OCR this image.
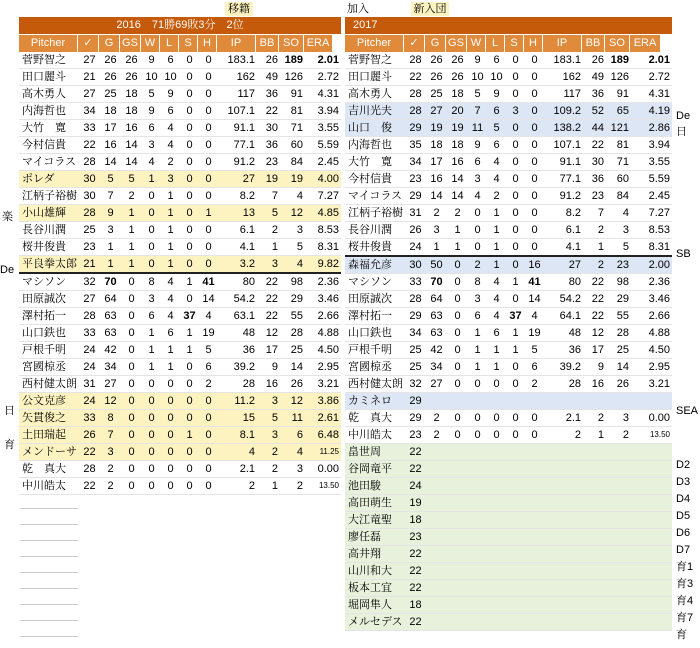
移籍	加入	新入団
2016　71勝69敗3分　2位
Pitcher	✓	G GS W L	S	H	IP	BB SO ERA
菅野智之	27	26	26	9	6	0	0	183.1	26	189	2.01
田口麗斗	21	26	26	10	10	0	0	162	49	126	2.72
高木勇人	27	25	18	5	9	0	0	117	36	91	4.31
内海哲也	34	18	18	9	6	0	0	107.1	22	81	3.94
大竹　寛	33	17	16	6	4	0	0	91.1	30	71	3.55
今村信貴	22	16	14	3	4	0	0	77.1	36	60	5.59
マイコラス	28	14	14	4	2	0	0	91.2	23	84	2.45
ポレダ	30	5	5	1	3	0	0	27	19	19	4.00
江柄子裕樹	30	7	2	0	1	0	0	8.2	7	4	7.27
小山雄輝	28	9	1	0	1	0	1	13	5	12	4.85
長谷川潤	25	3	1	0	1	0	0	6.1	2	3	8.53
桜井俊貴	23	1	1	0	1	0	0	4.1	1	5	8.31
平良拳太郎	21	1	1	0	1	0	0	3.2	3	4	9.82
マシソン	32	70	0	8	4	1	41	80	22	98	2.36
田原誠次	27	64	0	3	4	0	14	54.2	22	29	3.46
澤村拓一	28	63	0	6	4	37	4	63.1	22	55	2.66
山口鉄也	33	63	0	1	6	1	19	48	12	28	4.88
戸根千明	24	42	0	1	1	1	5	36	17	25	4.50
宮國椋丞	24	34	0	1	1	0	6	39.2	9	14	2.95
西村健太朗	31	27	0	0	0	0	2	28	16	26	3.21
公文克彦	24	12	0	0	0	0	0	11.2	3	12	3.86
矢貫俊之	33	8	0	0	0	0	0	15	5	11	2.61
土田瑞起	26	7	0	0	0	1	0	8.1	3	6	6.48
メンドーサ	22	3	0	0	0	0	0	4	2	4	11.25
乾　真大	28	2	0	0	0	0	0	2.1	2	3	0.00
中川皓太	22	2	0	0	0	0	0	2	1	2	13.50
楽
De
日
育
2017
Pitcher	✓	G GS W L	S	H	IP	BB SO ERA
菅野智之	28	26	26	9	6	0	0	183.1	26	189	2.01
田口麗斗	22	26	26	10	10	0	0	162	49	126	2.72
高木勇人	28	25	18	5	9	0	0	117	36	91	4.31
吉川光夫	28	27	20	7	6	3	0	109.2	52	65	4.19
山口　俊	29	19	19	11	5	0	0	138.2	44	121	2.86
内海哲也	35	18	18	9	6	0	0	107.1	22	81	3.94
大竹　寛	34	17	16	6	4	0	0	91.1	30	71	3.55
今村信貴	23	16	14	3	4	0	0	77.1	36	60	5.59
マイコラス	29	14	14	4	2	0	0	91.2	23	84	2.45
江柄子裕樹	31	2	2	0	1	0	0	8.2	7	4	7.27
長谷川潤	26	3	1	0	1	0	0	6.1	2	3	8.53
桜井俊貴	24	1	1	0	1	0	0	4.1	1	5	8.31
森福允彦	30	50	0	2	1	0	16	27	2	23	2.00
マシソン	33	70	0	8	4	1	41	80	22	98	2.36
田原誠次	28	64	0	3	4	0	14	54.2	22	29	3.46
澤村拓一	29	63	0	6	4	37	4	64.1	22	55	2.66
山口鉄也	34	63	0	1	6	1	19	48	12	28	4.88
戸根千明	25	42	0	1	1	1	5	36	17	25	4.50
宮國椋丞	25	34	0	1	1	0	6	39.2	9	14	2.95
西村健太朗	32	27	0	0	0	0	2	28	16	26	3.21
カミネロ	29										
乾　真大	29	2	0	0	0	0	0	2.1	2	3	0.00
中川皓太	23	2	0	0	0	0	0	2	1	2	13.50
畠世周	22										
谷岡竜平	22										
池田駿	24										
高田萌生	19										
大江竜聖	18										
廖任磊	23										
高井翔	22										
山川和大	22										
板本工宜	22										
堀岡隼人	18										
メルセデス	22										
De
日
SB
SEA
D2
D3
D4
D5
D6
D7
育1
育3
育4
育7
育
